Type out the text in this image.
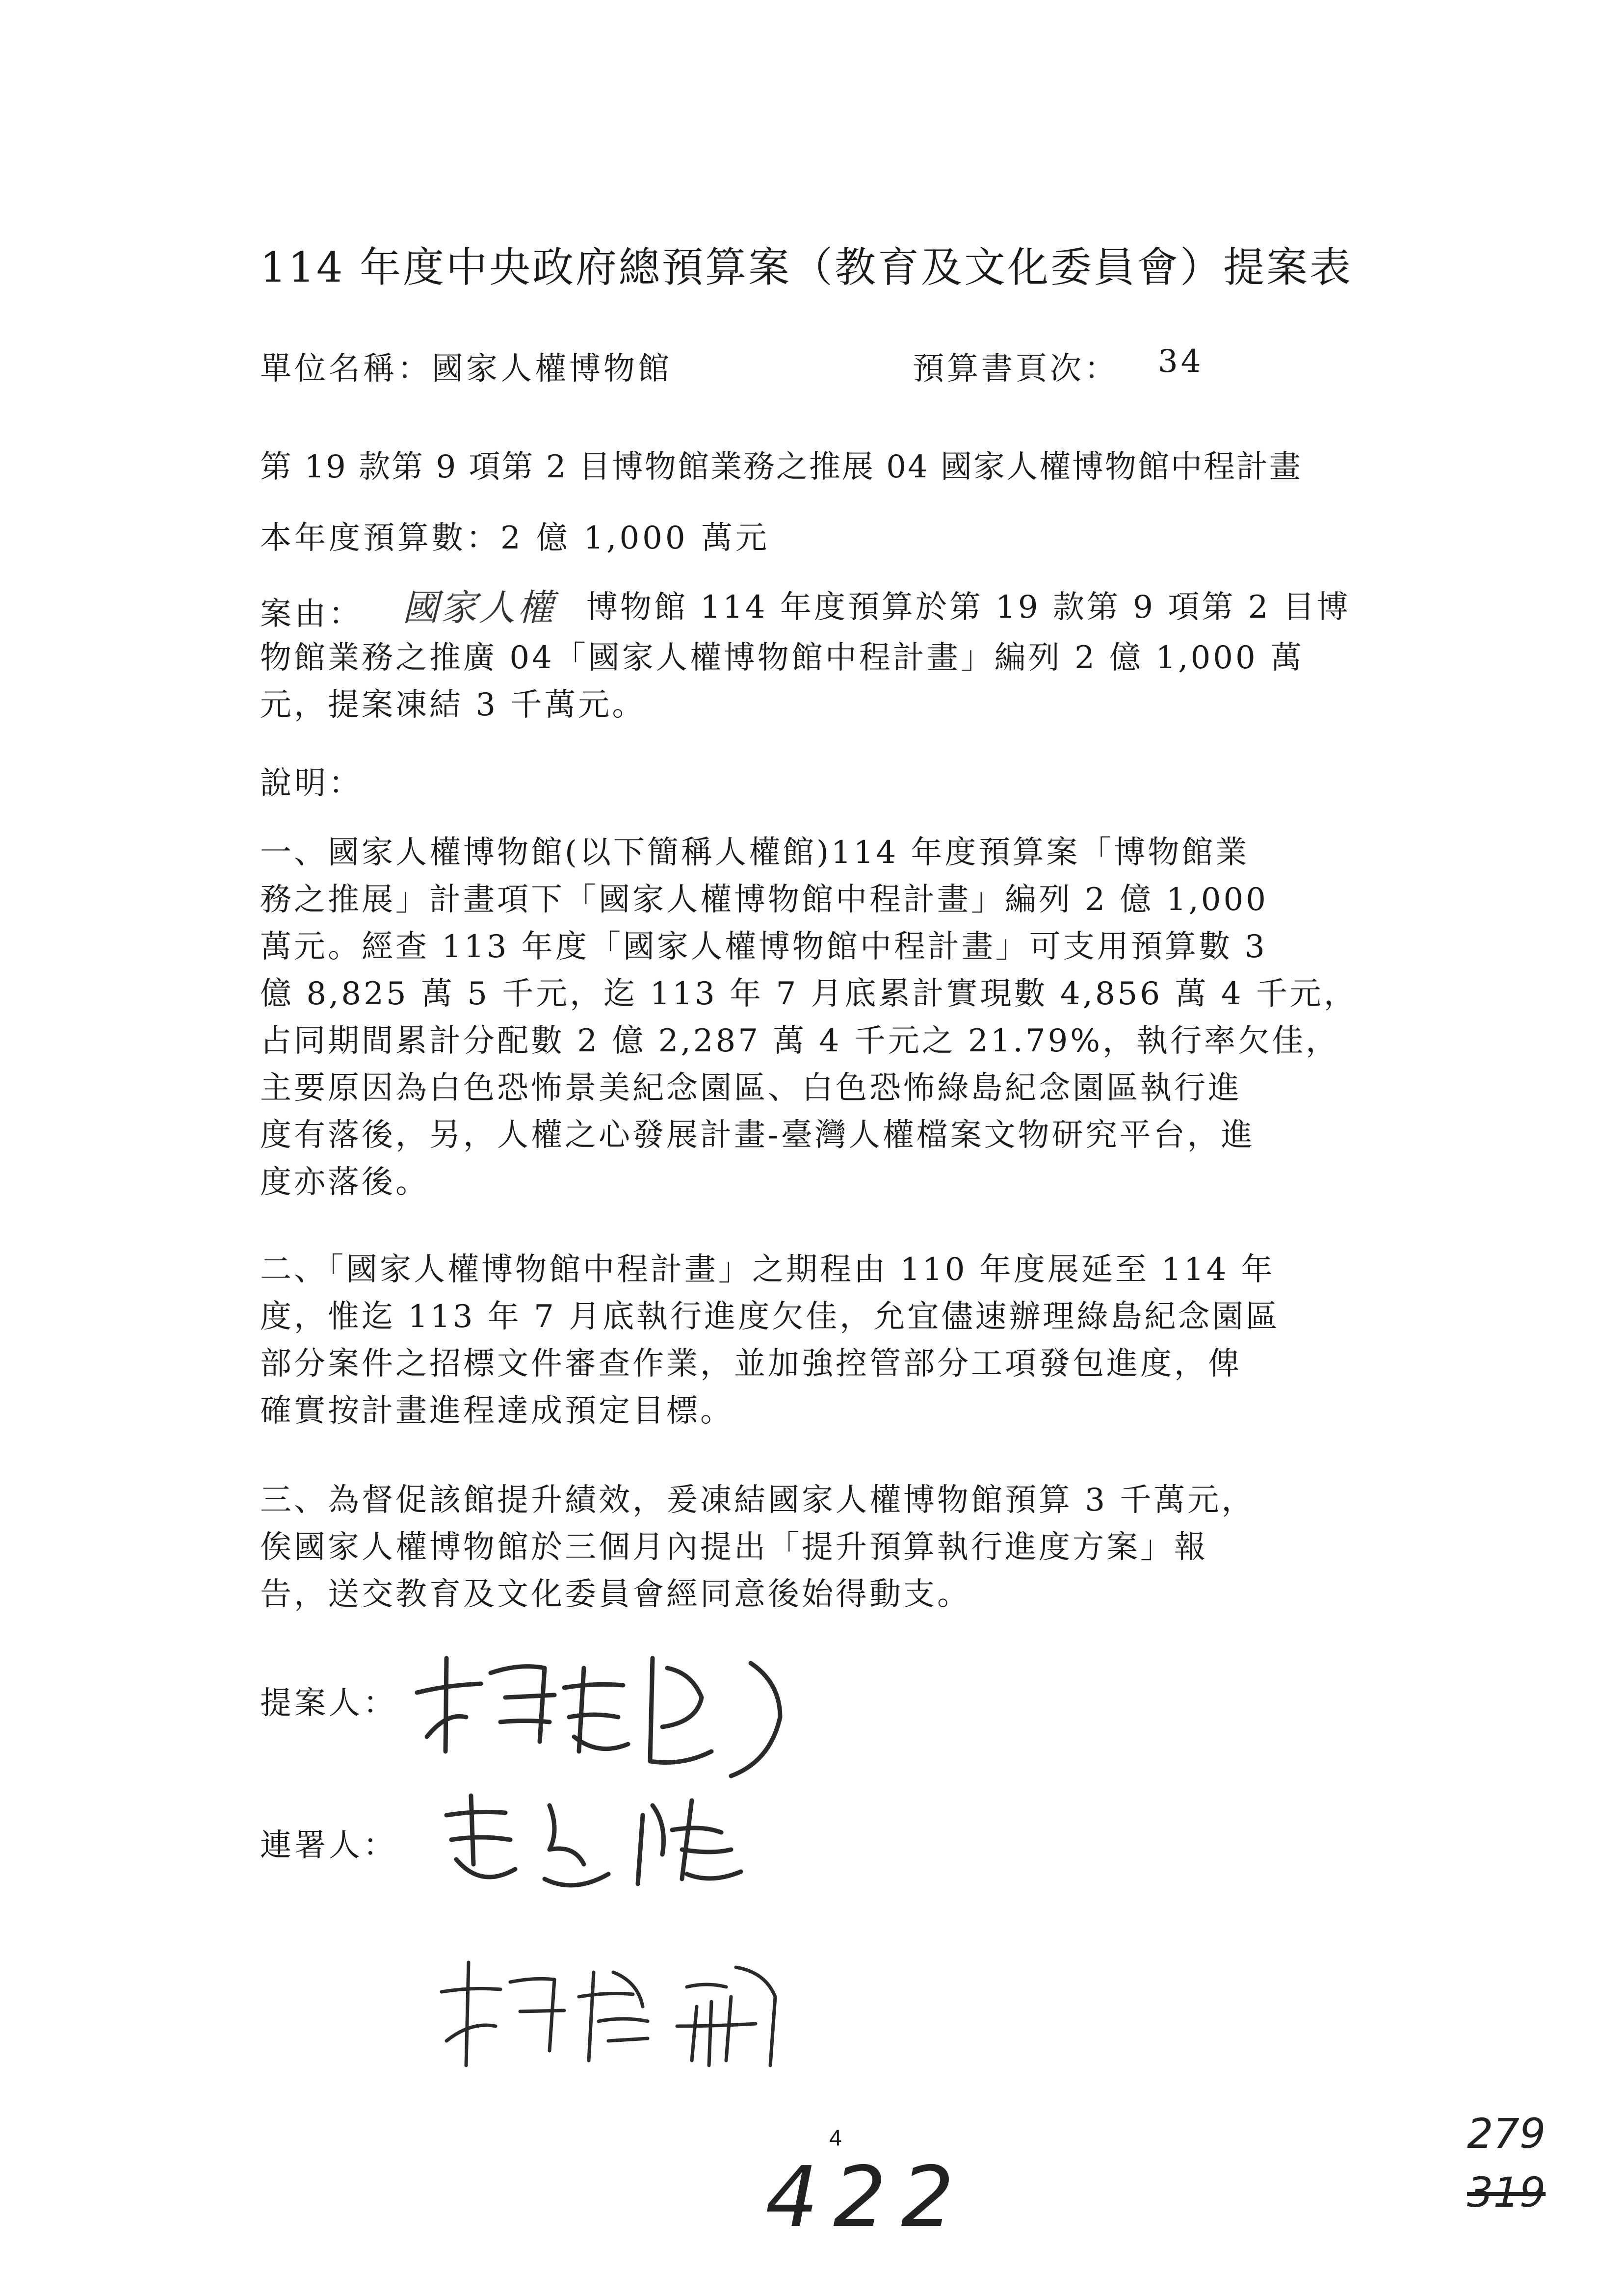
114 年度中央政府總預算案（教育及文化委員會）提案表
單位名稱：國家人權博物館	預算書頁次： 34
第 19 款第 9 項第 2 目博物館業務之推展 04 國家人權博物館中程計畫
本年度預算數：2 億 1,000 萬元
案由： 國家人權 博物館 114 年度預算於第 19 款第 9 項第 2 目博
物館業務之推廣 04「國家人權博物館中程計畫」編列 2 億 1,000 萬
元，提案凍結 3 千萬元。
說明：
一、國家人權博物館(以下簡稱人權館)114 年度預算案「博物館業
務之推展」計畫項下「國家人權博物館中程計畫」編列 2 億 1,000
萬元。經查 113 年度「國家人權博物館中程計畫」可支用預算數 3
億 8,825 萬 5 千元，迄 113 年 7 月底累計實現數 4,856 萬 4 千元，
占同期間累計分配數 2 億 2,287 萬 4 千元之 21.79%，執行率欠佳，
主要原因為白色恐怖景美紀念園區、白色恐怖綠島紀念園區執行進
度有落後，另，人權之心發展計畫-臺灣人權檔案文物研究平台，進
度亦落後。
二、「國家人權博物館中程計畫」之期程由 110 年度展延至 114 年
度，惟迄 113 年 7 月底執行進度欠佳，允宜儘速辦理綠島紀念園區
部分案件之招標文件審查作業，並加強控管部分工項發包進度，俾
確實按計畫進程達成預定目標。
三、為督促該館提升績效，爰凍結國家人權博物館預算 3 千萬元，
俟國家人權博物館於三個月內提出「提升預算執行進度方案」報
告，送交教育及文化委員會經同意後始得動支。
提案人：
連署人：
4
422
279
319
